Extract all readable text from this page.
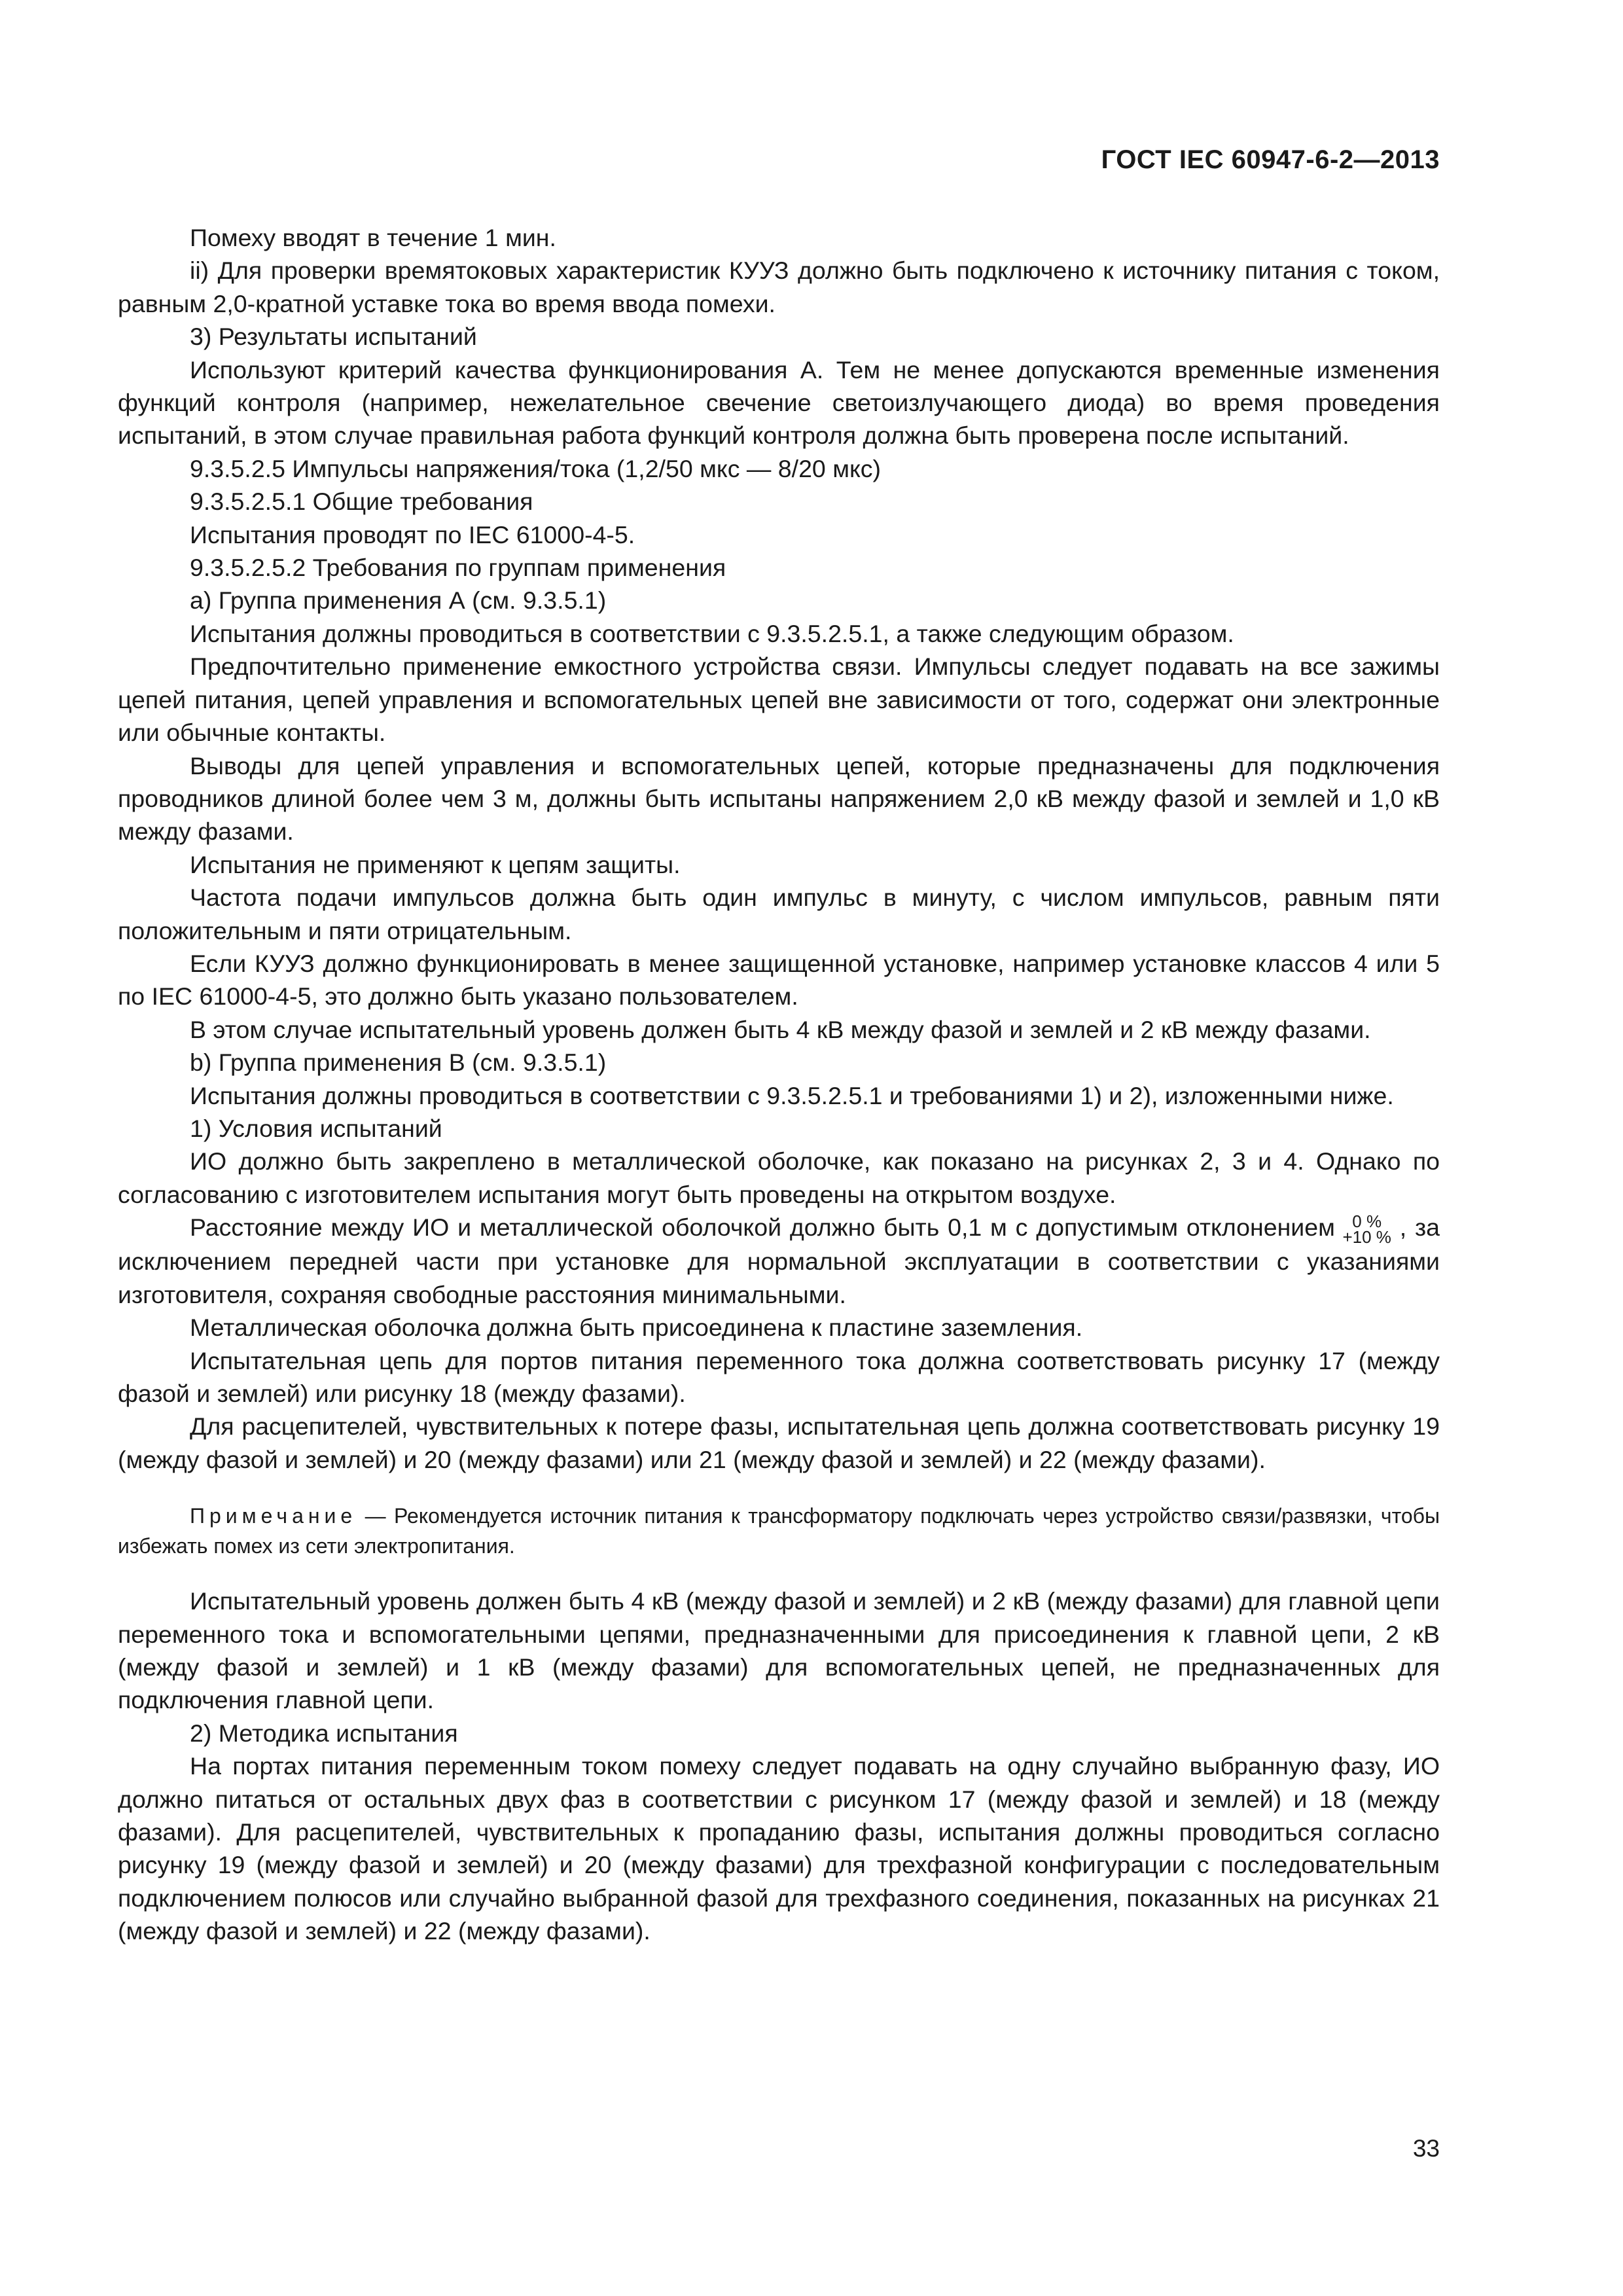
ГОСТ IEC 60947-6-2—2013

Помеху вводят в течение 1 мин.

ii) Для проверки времятоковых характеристик КУУЗ должно быть подключено к источнику питания с током, равным 2,0-кратной уставке тока во время ввода помехи.

3) Результаты испытаний

Используют критерий качества функционирования А. Тем не менее допускаются временные изменения функций контроля (например, нежелательное свечение светоизлучающего диода) во время проведения испытаний, в этом случае правильная работа функций контроля должна быть проверена после испытаний.

9.3.5.2.5 Импульсы напряжения/тока (1,2/50 мкс — 8/20 мкс)

9.3.5.2.5.1 Общие требования

Испытания проводят по IEC 61000-4-5.

9.3.5.2.5.2 Требования по группам применения

a) Группа применения А (см. 9.3.5.1)

Испытания должны проводиться в соответствии с 9.3.5.2.5.1, а также следующим образом.

Предпочтительно применение емкостного устройства связи. Импульсы следует подавать на все зажимы цепей питания, цепей управления и вспомогательных цепей вне зависимости от того, содержат они электронные или обычные контакты.

Выводы для цепей управления и вспомогательных цепей, которые предназначены для подключения проводников длиной более чем 3 м, должны быть испытаны напряжением 2,0 кВ между фазой и землей и 1,0 кВ между фазами.

Испытания не применяют к цепям защиты.

Частота подачи импульсов должна быть один импульс в минуту, с числом импульсов, равным пяти положительным и пяти отрицательным.

Если КУУЗ должно функционировать в менее защищенной установке, например установке классов 4 или 5 по IEC 61000-4-5, это должно быть указано пользователем.

В этом случае испытательный уровень должен быть 4 кВ между фазой и землей и 2 кВ между фазами.

b) Группа применения В (см. 9.3.5.1)

Испытания должны проводиться в соответствии с 9.3.5.2.5.1 и требованиями 1) и 2), изложенными ниже.

1) Условия испытаний

ИО должно быть закреплено в металлической оболочке, как показано на рисунках 2, 3 и 4. Однако по согласованию с изготовителем испытания могут быть проведены на открытом воздухе.

Расстояние между ИО и металлической оболочкой должно быть 0,1 м с допустимым отклонением	0 %
+10 % , за исключением передней части при установке для нормальной эксплуатации в соответствии с указаниями изготовителя, сохраняя свободные расстояния минимальными.

Металлическая оболочка должна быть присоединена к пластине заземления.

Испытательная цепь для портов питания переменного тока должна соответствовать рисунку 17 (между фазой и землей) или рисунку 18 (между фазами).

Для расцепителей, чувствительных к потере фазы, испытательная цепь должна соответствовать рисунку 19 (между фазой и землей) и 20 (между фазами) или 21 (между фазой и землей) и 22 (между фазами).

Примечание — Рекомендуется источник питания к трансформатору подключать через устройство связи/развязки, чтобы избежать помех из сети электропитания.

Испытательный уровень должен быть 4 кВ (между фазой и землей) и 2 кВ (между фазами) для главной цепи переменного тока и вспомогательными цепями, предназначенными для присоединения к главной цепи, 2 кВ (между фазой и землей) и 1 кВ (между фазами) для вспомогательных цепей, не предназначенных для подключения главной цепи.

2) Методика испытания

На портах питания переменным током помеху следует подавать на одну случайно выбранную фазу, ИО должно питаться от остальных двух фаз в соответствии с рисунком 17 (между фазой и землей) и 18 (между фазами). Для расцепителей, чувствительных к пропаданию фазы, испытания должны проводиться согласно рисунку 19 (между фазой и землей) и 20 (между фазами) для трехфазной конфигурации с последовательным подключением полюсов или случайно выбранной фазой для трехфазного соединения, показанных на рисунках 21 (между фазой и землей) и 22 (между фазами).

33
